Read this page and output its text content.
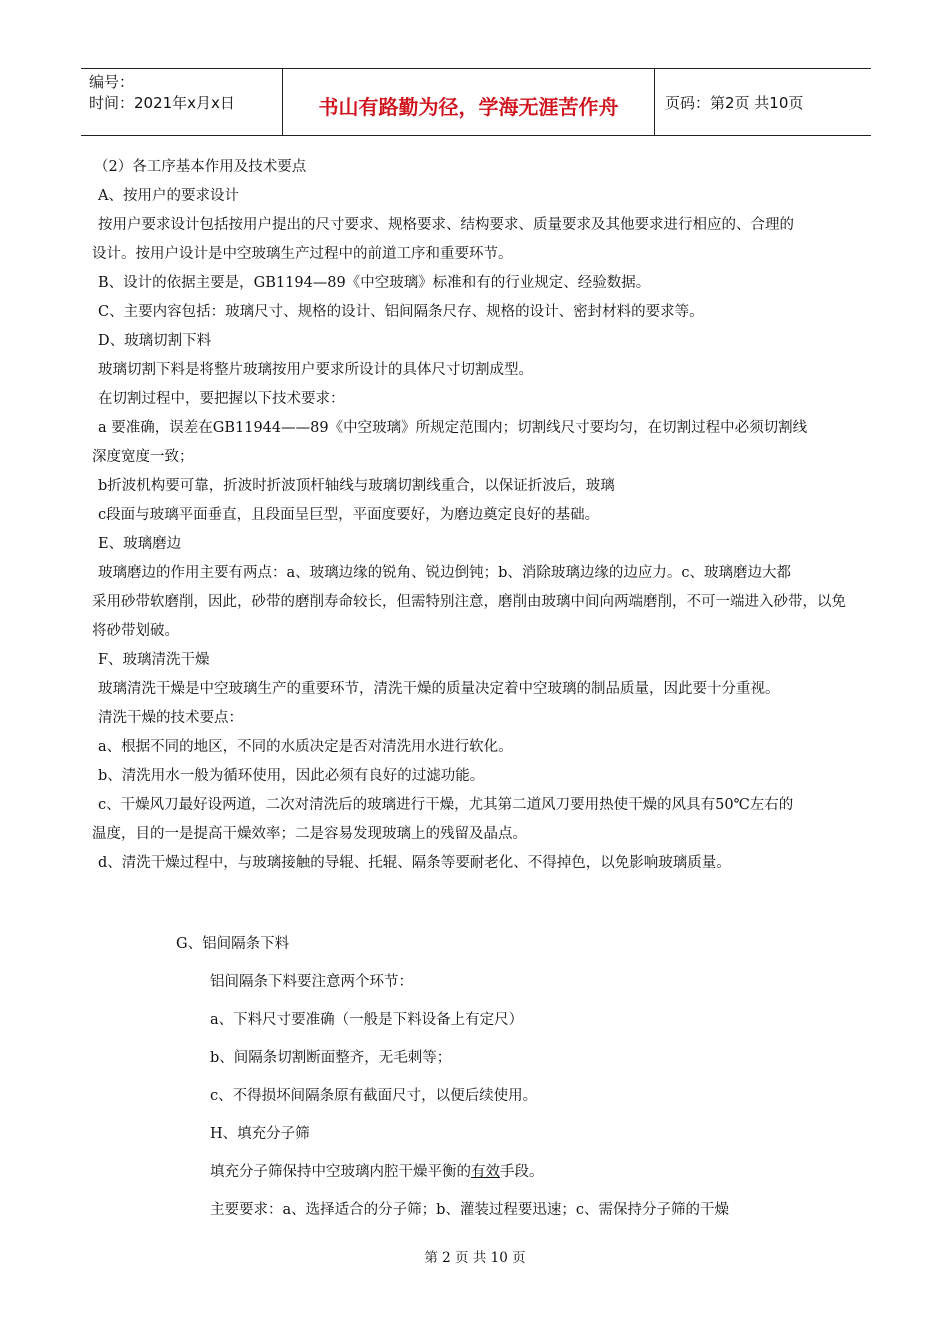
编号：
时间：2021年x月x日	书山有路勤为径，学海无涯苦作舟	页码：第2页 共10页
（2）各工序基本作用及技术要点
A、按用户的要求设计
按用户要求设计包括按用户提出的尺寸要求、规格要求、结构要求、质量要求及其他要求进行相应的、合理的
设计。按用户设计是中空玻璃生产过程中的前道工序和重要环节。
B、设计的依据主要是，GB1194—89《中空玻璃》标准和有的行业规定、经验数据。
C、主要内容包括：玻璃尺寸、规格的设计、铝间隔条尺存、规格的设计、密封材料的要求等。
D、玻璃切割下料
玻璃切割下料是将整片玻璃按用户要求所设计的具体尺寸切割成型。
在切割过程中，要把握以下技术要求：
a 要准确，误差在GB11944——89《中空玻璃》所规定范围内；切割线尺寸要均匀，在切割过程中必须切割线
深度宽度一致；
b折波机构要可靠，折波时折波顶杆轴线与玻璃切割线重合，以保证折波后，玻璃
c段面与玻璃平面垂直，且段面呈巨型，平面度要好，为磨边奠定良好的基础。
E、玻璃磨边
玻璃磨边的作用主要有两点：a、玻璃边缘的锐角、锐边倒钝；b、消除玻璃边缘的边应力。c、玻璃磨边大都
采用砂带软磨削，因此，砂带的磨削寿命较长，但需特别注意，磨削由玻璃中间向两端磨削，不可一端进入砂带，以免
将砂带划破。
F、玻璃清洗干燥
玻璃清洗干燥是中空玻璃生产的重要环节，清洗干燥的质量决定着中空玻璃的制品质量，因此要十分重视。
清洗干燥的技术要点：
a、根据不同的地区，不同的水质决定是否对清洗用水进行软化。
b、清洗用水一般为循环使用，因此必须有良好的过滤功能。
c、干燥风刀最好设两道，二次对清洗后的玻璃进行干燥，尤其第二道风刀要用热使干燥的风具有50℃左右的
温度，目的一是提高干燥效率；二是容易发现玻璃上的残留及晶点。
d、清洗干燥过程中，与玻璃接触的导辊、托辊、隔条等要耐老化、不得掉色，以免影响玻璃质量。
G、铝间隔条下料
铝间隔条下料要注意两个环节：
a、下料尺寸要准确（一般是下料设备上有定尺）
b、间隔条切割断面整齐，无毛刺等；
c、不得损坏间隔条原有截面尺寸，以便后续使用。
H、填充分子筛
填充分子筛保持中空玻璃内腔干燥平衡的有效手段。
主要要求：a、选择适合的分子筛；b、灌装过程要迅速；c、需保持分子筛的干燥
第 2 页 共 10 页
